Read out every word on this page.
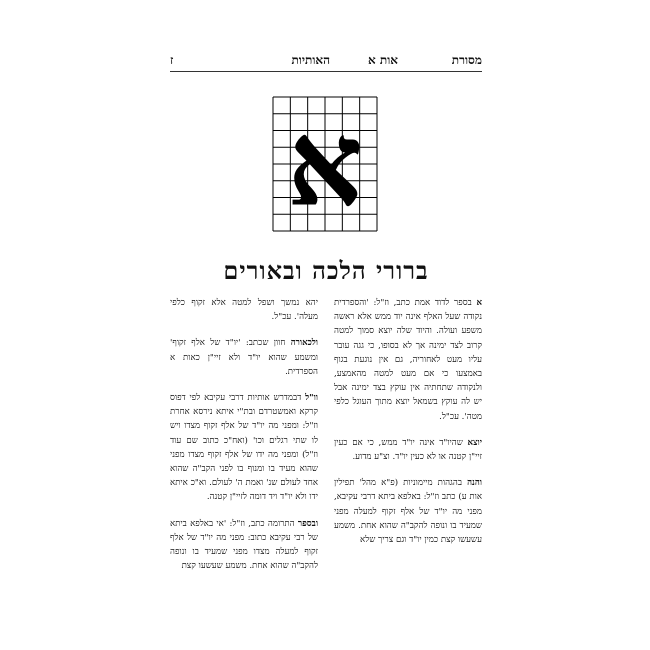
מסורת
אות א
האותיות
ז
א
ברורי הלכה ובאורים

א בספר לדוד אמת כתב, וז"ל: 'והספרדית נקודה שעל האלף אינה יוד ממש אלא ראשה משפע ועולה. והיוד שלה יוצא סמוך למטה קרוב לצד ימינה אך לא בסופו, כי גגה עובר עליו מעט לאחוריה, גם אין נוגעת בגוף באמצעו כי אם מעט למטה מהאמצע, ולנקודה שתחתיה אין עוקץ בצד ימינה אבל יש לה עוקץ בשמאל יוצא מתוך העוגל כלפי מטה'. עכ"ל.

יוצא שהיו"ד אינה יו"ד ממש, כי אם כעין זיי"ן קטנה או לא כעין יו"ד. וצ"ע מדוע.

והנה בהגהות מיימוניות (פ"א מהל' תפילין אות ע) כתב וז"ל: באלפא ביתא דרבי עקיבא, מפני מה יו"ד של אלף זקוף למעלה מפני שמעיד בו ונופה להקב"ה שהוא אחת. משמע עשעשו קצת כמין יו"ד וגם צריך שלא

יהא נמשך ושפל למטה אלא זקוף כלפי מעלה'. עכ"ל.

ולכאורה חוון שכתב: 'יו"ד של אלף זקוף' ומשמע שהוא יו"ד ולא זיי"ן כאות א הספרדית.

וו"ל דבמדרש אותיות דרבי עקיבא לפי דפוס קרקא ואמשטרדם ובת"י איתא נירסא אחרת וז"ל: ומפני מה יו"ד של אלף זקוף מצדו ויש לו שתי רגלים וכו' (ואח"כ כתוב שם עוד וז"ל) ומפני מה ידו של אלף זקוף מצדו מפני שהוא מעיד בו ומנוף בו לפני הקב"ה שהוא אחד לעולם שנ' ואמת ה' לעולם. וא"כ איתא ידו ולא יו"ד ויד דומה לזיי"ן קטנה.

ובספר התרומה כתב, וז"ל: 'אי באלפא ביתא של רבי עקיבא כתוב: מפני מה יו"ד של אלף זקוף למעלה מצדו מפני שמעיד בו ונופה להקב"ה שהוא אחת. משמע שעשעו קצת
